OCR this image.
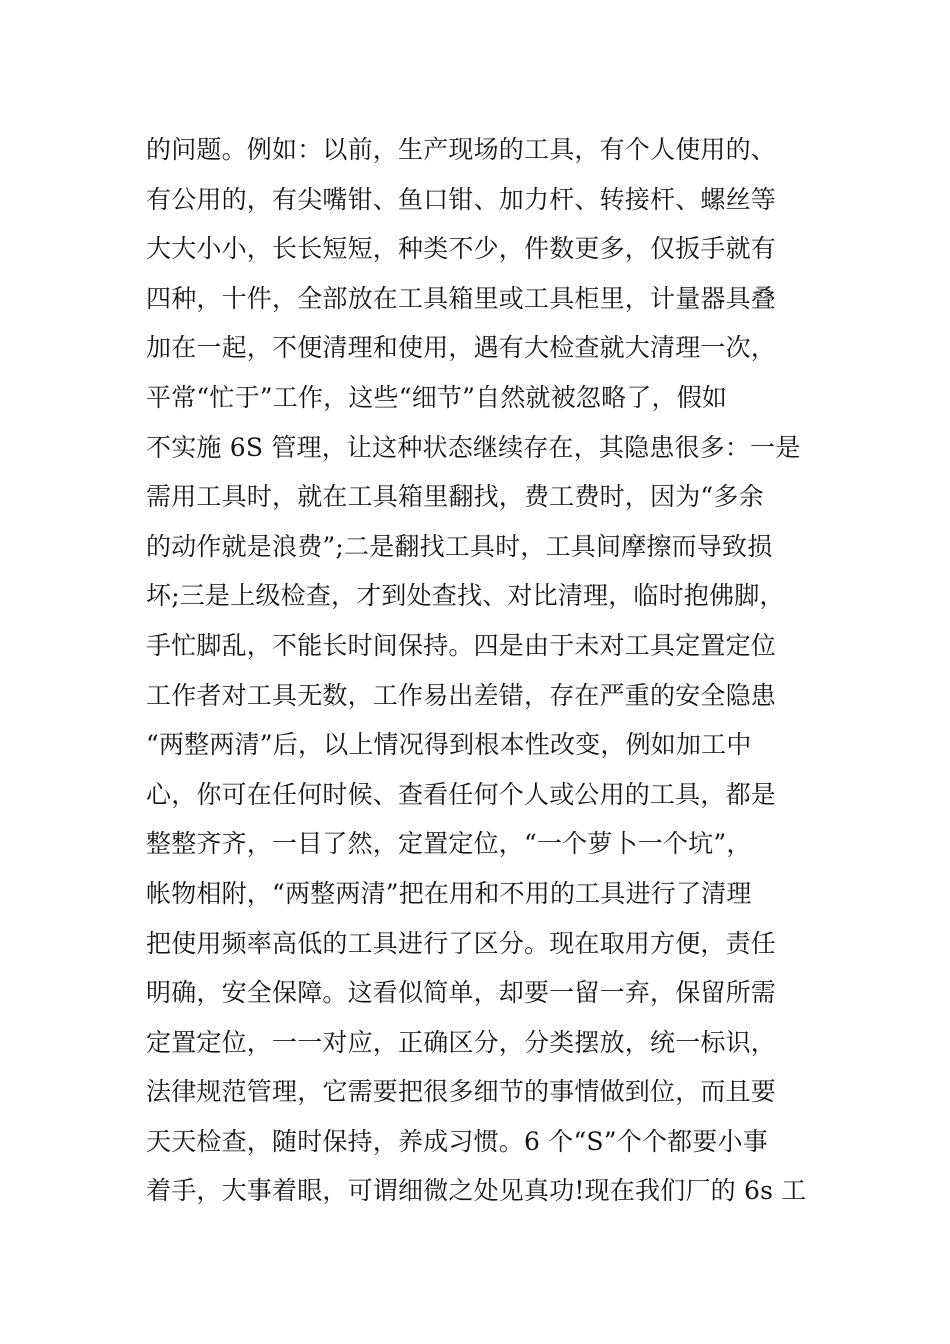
的问题。例如：以前，生产现场的工具，有个人使用的、
有公用的，有尖嘴钳、鱼口钳、加力杆、转接杆、螺丝等
大大小小，长长短短，种类不少，件数更多，仅扳手就有
四种，十件，全部放在工具箱里或工具柜里，计量器具叠
加在一起，不便清理和使用，遇有大检查就大清理一次，
平常“忙于”工作，这些“细节”自然就被忽略了，假如
不实施 6S 管理，让这种状态继续存在，其隐患很多：一是
需用工具时，就在工具箱里翻找，费工费时，因为“多余
的动作就是浪费”;二是翻找工具时，工具间摩擦而导致损
坏;三是上级检查，才到处查找、对比清理，临时抱佛脚，
手忙脚乱，不能长时间保持。四是由于未对工具定置定位
工作者对工具无数，工作易出差错，存在严重的安全隐患
“两整两清”后，以上情况得到根本性改变，例如加工中
心，你可在任何时候、查看任何个人或公用的工具，都是
整整齐齐，一目了然，定置定位，“一个萝卜一个坑”，
帐物相附，“两整两清”把在用和不用的工具进行了清理
把使用频率高低的工具进行了区分。现在取用方便，责任
明确，安全保障。这看似简单，却要一留一弃，保留所需
定置定位，一一对应，正确区分，分类摆放，统一标识，
法律规范管理，它需要把很多细节的事情做到位，而且要
天天检查，随时保持，养成习惯。6 个“S”个个都要小事
着手，大事着眼，可谓细微之处见真功!现在我们厂的 6s 工
